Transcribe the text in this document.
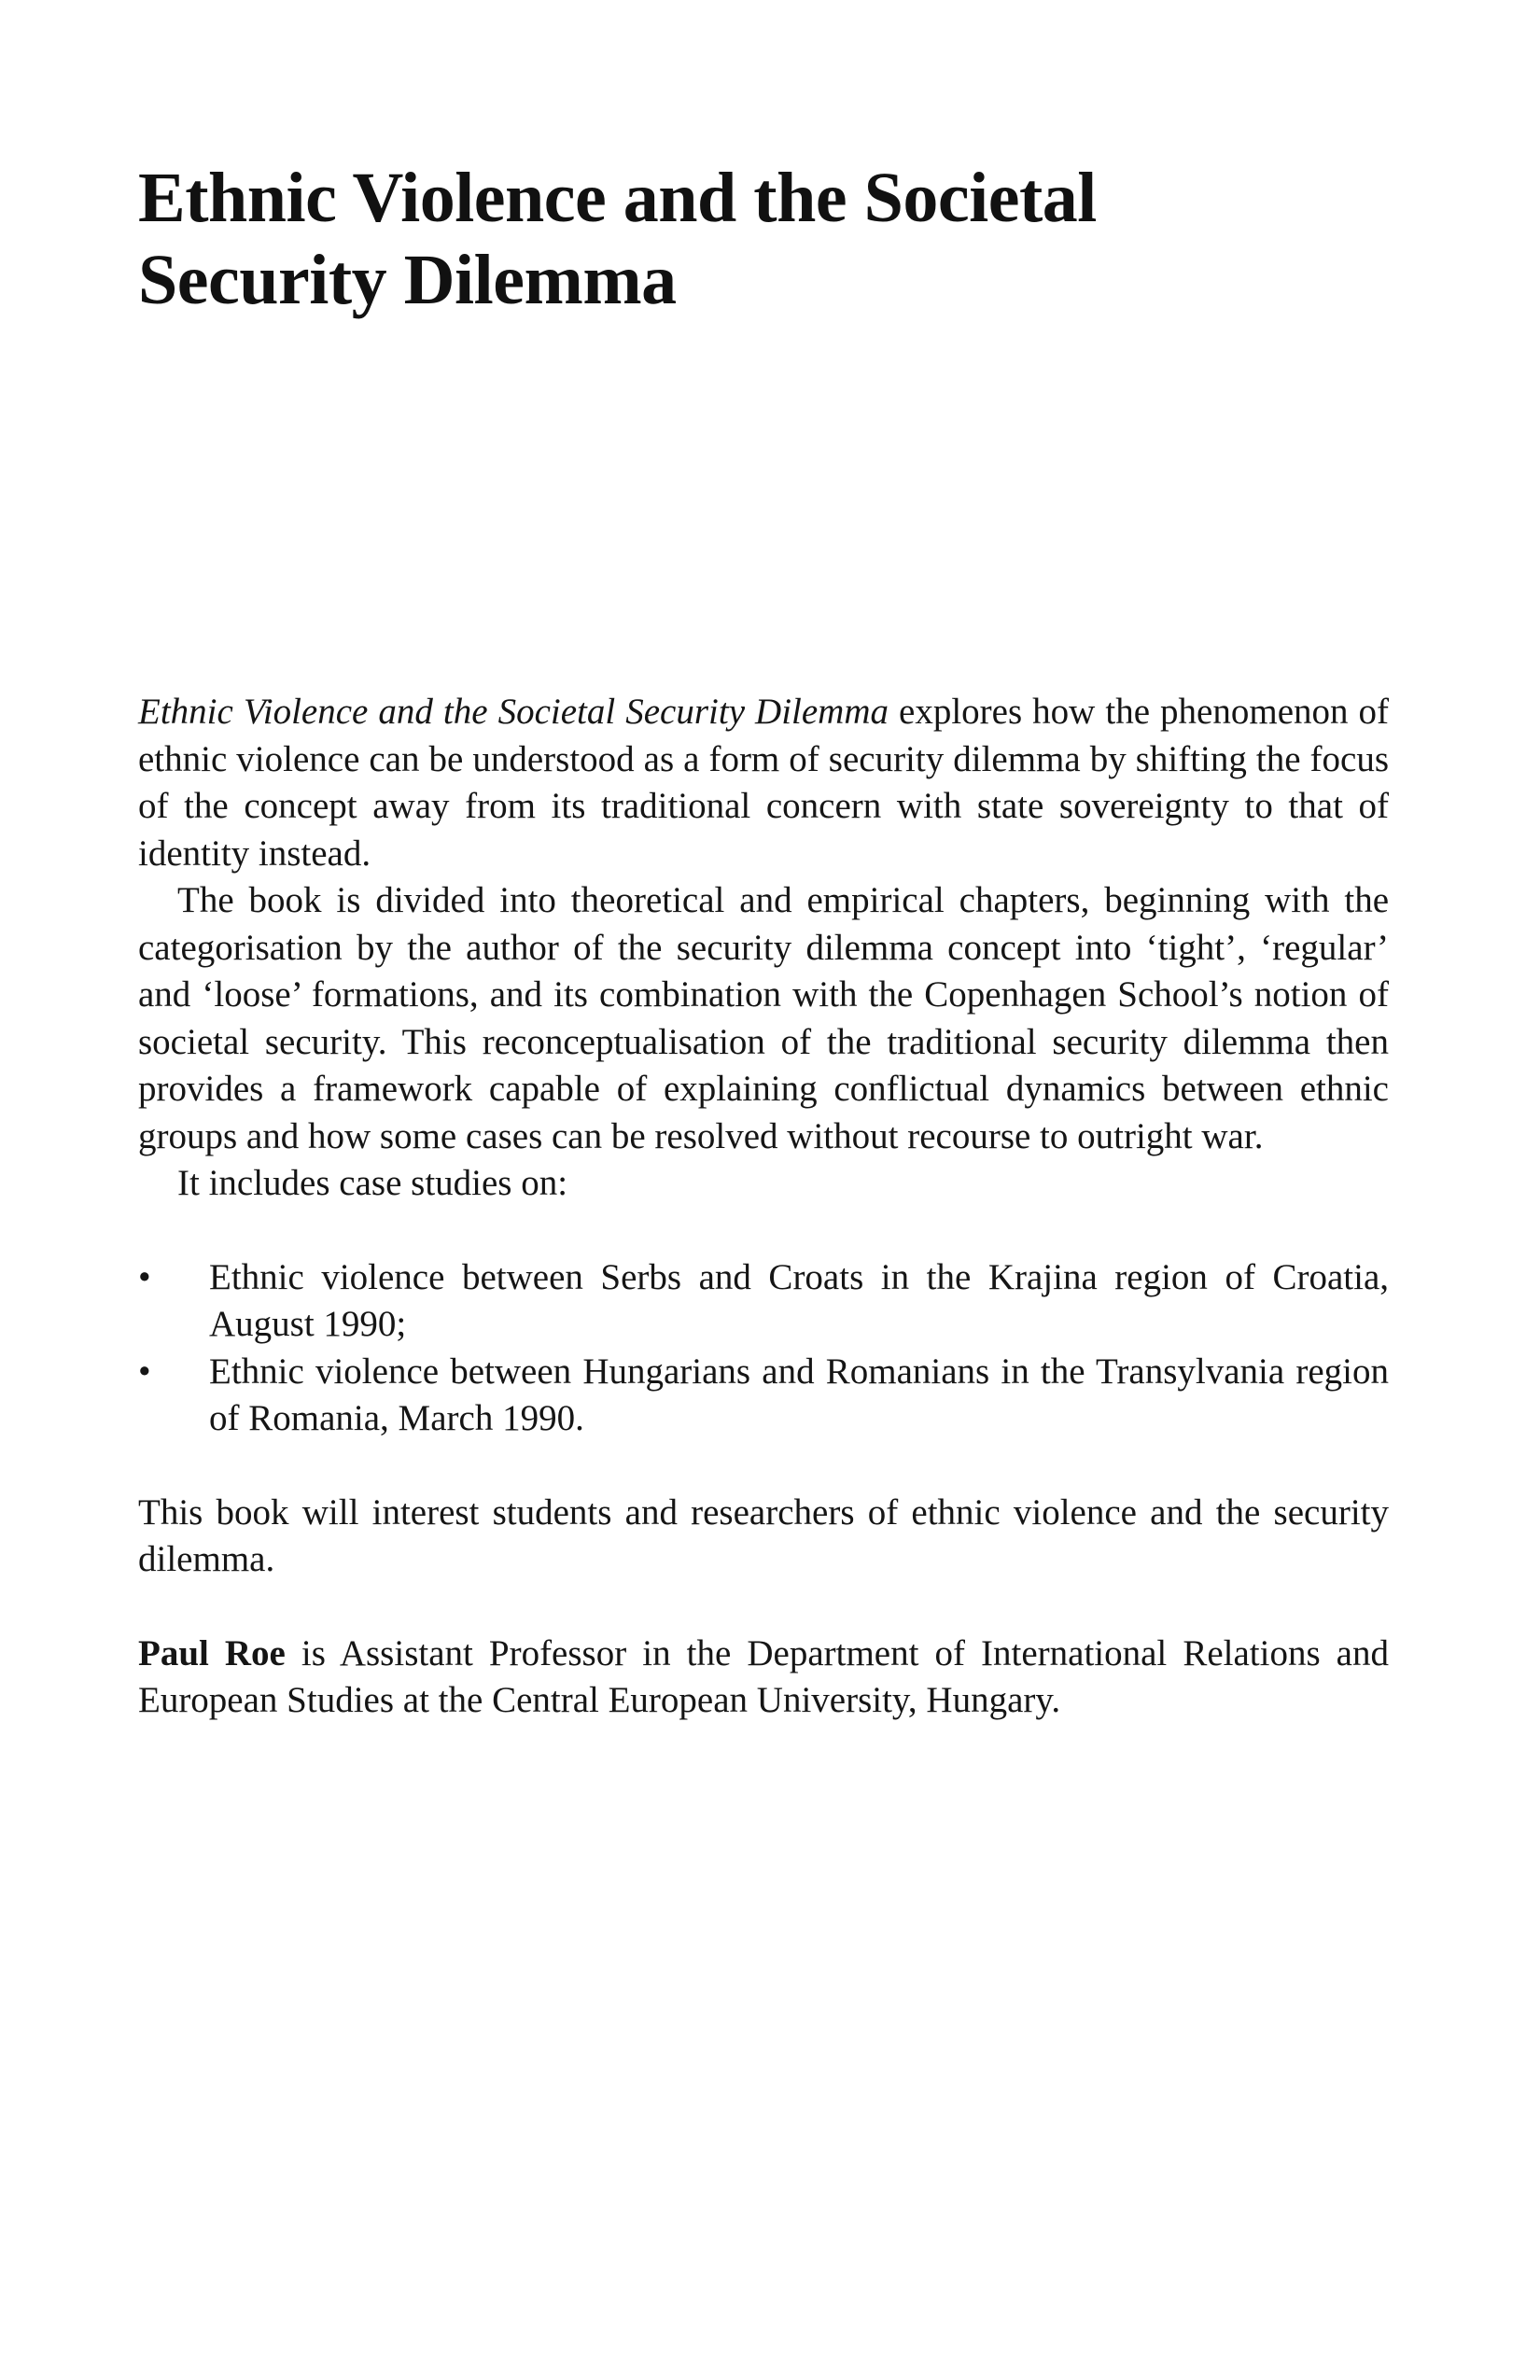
Ethnic Violence and the Societal
Security Dilemma

Ethnic Violence and the Societal Security Dilemma explores how the phenomenon of ethnic violence can be understood as a form of security dilemma by shifting the focus of the concept away from its traditional concern with state sovereignty to that of identity instead.

The book is divided into theoretical and empirical chapters, beginning with the categorisation by the author of the security dilemma concept into ‘tight’, ‘regular’ and ‘loose’ formations, and its combination with the Copenhagen School’s notion of societal security. This reconceptualisation of the traditional security dilemma then provides a framework capable of explaining conflictual dynamics between ethnic groups and how some cases can be resolved without recourse to outright war.

It includes case studies on:

• Ethnic violence between Serbs and Croats in the Krajina region of Croatia, August 1990;
• Ethnic violence between Hungarians and Romanians in the Transylvania region of Romania, March 1990.

This book will interest students and researchers of ethnic violence and the security dilemma.

Paul Roe is Assistant Professor in the Department of International Relations and European Studies at the Central European University, Hungary.
